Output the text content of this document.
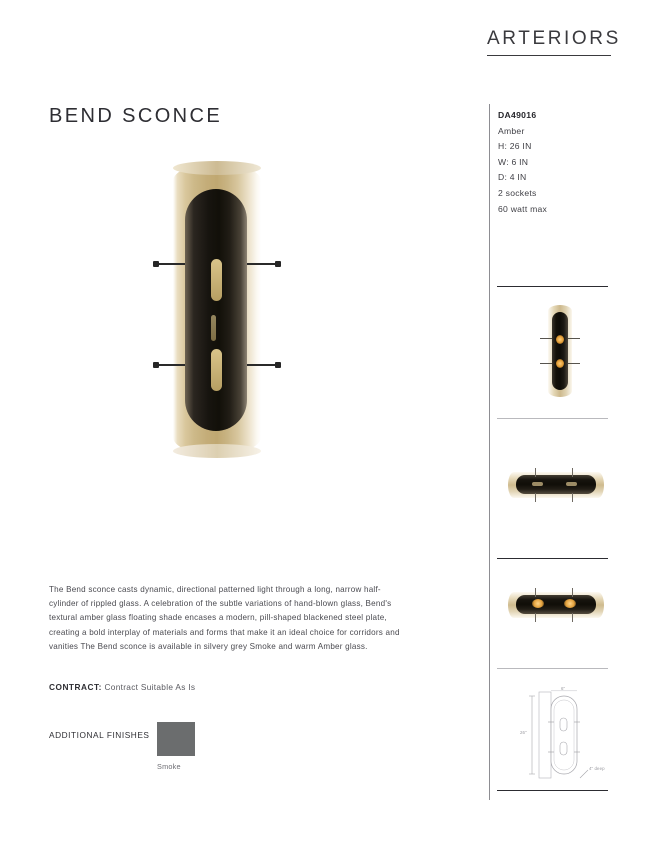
ARTERIORS
BEND SCONCE
The Bend sconce casts dynamic, directional patterned light through a long, narrow half-cylinder of rippled glass. A celebration of the subtle variations of hand-blown glass, Bend's textural amber glass floating shade encases a modern, pill-shaped blackened steel plate, creating a bold interplay of materials and forms that make it an ideal choice for corridors and vanities The Bend sconce is available in silvery grey Smoke and warm Amber glass.
CONTRACT: Contract Suitable As Is
ADDITIONAL FINISHES
Smoke
DA49016
Amber
H: 26 IN
W: 6 IN
D: 4 IN
2 sockets
60 watt max
26"
6"
4" deep
